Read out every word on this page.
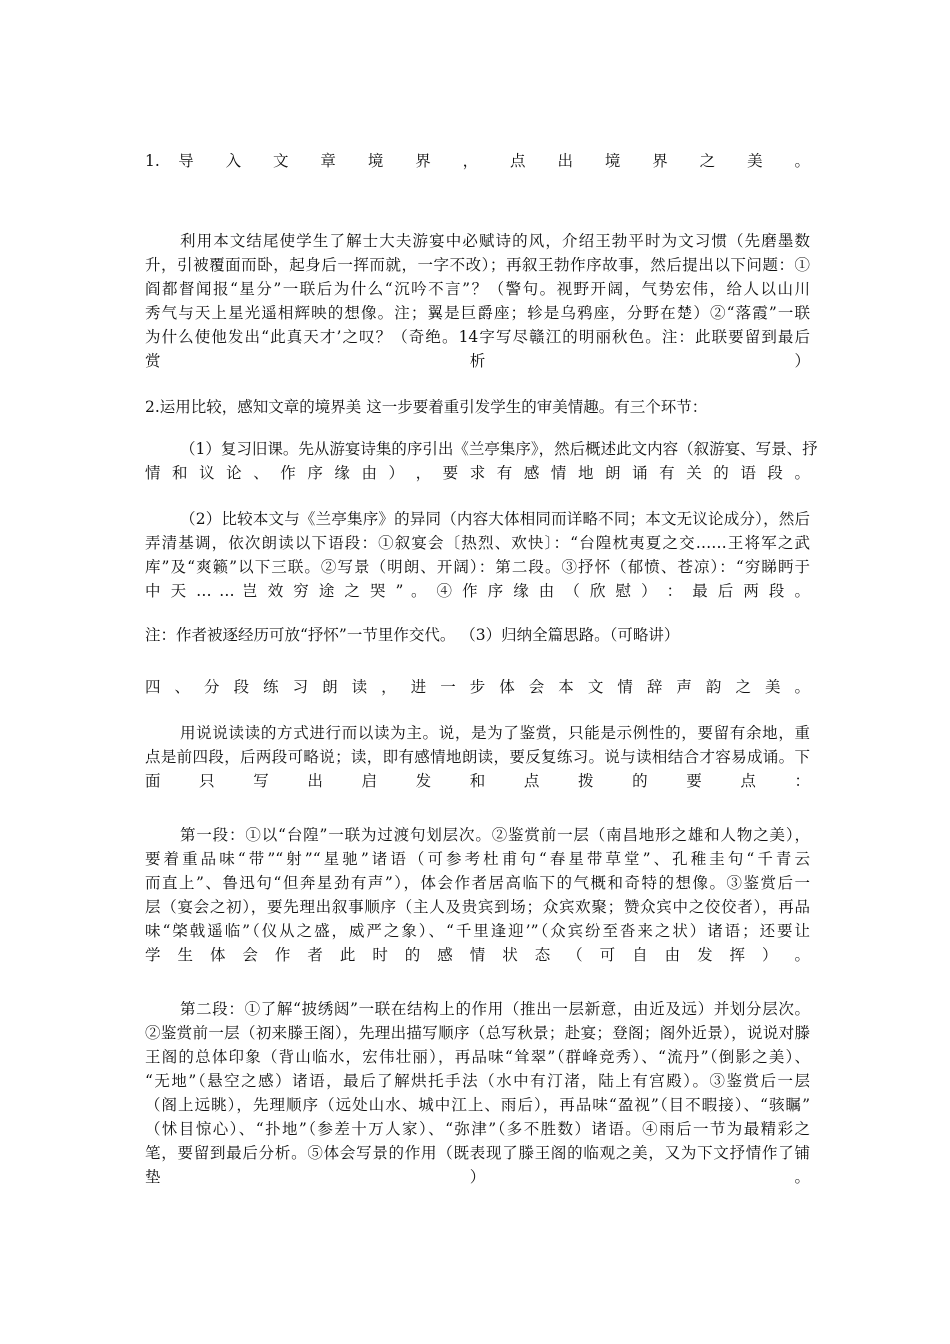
1. 导 入 文 章 境 界 ， 点 出 境 界 之 美 。
利用本文结尾使学生了解士大夫游宴中必赋诗的风，介绍王勃平时为文习惯（先磨墨数
升，引被覆面而卧，起身后一挥而就，一字不改）；再叙王勃作序故事，然后提出以下问题：①
阎都督闻报“星分”一联后为什么“沉吟不言”？（警句。视野开阔，气势宏伟，给人以山川
秀气与天上星光遥相辉映的想像。注；翼是巨爵座；轸是乌鸦座，分野在楚）②“落霞”一联
为什么使他发出“此真天才’之叹？（奇绝。14字写尽赣江的明丽秋色。注：此联要留到最后
赏 析 ）
2.运用比较，感知文章的境界美 这一步要着重引发学生的审美情趣。有三个环节：
（1）复习旧课。先从游宴诗集的序引出《兰亭集序》，然后概述此文内容（叙游宴、写景、抒
情 和 议 论 、 作 序 缘 由 ） ， 要 求 有 感 情 地 朗 诵 有 关 的 语 段 。
（2）比较本文与《兰亭集序》的异同（内容大体相同而详略不同；本文无议论成分），然后
弄清基调，依次朗读以下语段：①叙宴会〔热烈、欢快〕：“台隍枕夷夏之交……王将军之武
库”及“爽籁”以下三联。②写景（明朗、开阔）：第二段。③抒怀（郁愤、苍凉）：“穷睇眄于
中 天 … … 岂 效 穷 途 之 哭 ” 。 ④ 作 序 缘 由 （ 欣 慰 ） ： 最 后 两 段 。
注：作者被逐经历可放“抒怀”一节里作交代。 （3）归纳全篇思路。（可略讲）
四 、 分 段 练 习 朗 读 ， 进 一 步 体 会 本 文 情 辞 声 韵 之 美 。
用说说读读的方式进行而以读为主。说，是为了鉴赏，只能是示例性的，要留有余地，重
点是前四段，后两段可略说；读，即有感情地朗读，要反复练习。说与读相结合才容易成诵。下
面 只 写 出 启 发 和 点 拨 的 要 点 ：
第一段：①以“台隍”一联为过渡句划层次。②鉴赏前一层（南昌地形之雄和人物之美），
要着重品味“带”“射”“星驰”诸语（可参考杜甫句“春星带草堂”、孔稚圭句“千青云
而直上”、鲁迅句“但奔星劲有声”），体会作者居高临下的气概和奇特的想像。③鉴赏后一
层（宴会之初），要先理出叙事顺序（主人及贵宾到场；众宾欢聚；赞众宾中之佼佼者），再品
味“棨戟遥临”（仪从之盛，威严之象）、“千里逢迎’”（众宾纷至沓来之状）诸语；还要让
学 生 体 会 作 者 此 时 的 感 情 状 态 （ 可 自 由 发 挥 ） 。
第二段：①了解“披绣闼”一联在结构上的作用（推出一层新意，由近及远）并划分层次。
②鉴赏前一层（初来滕王阁），先理出描写顺序（总写秋景；赴宴；登阁；阁外近景），说说对滕
王阁的总体印象（背山临水，宏伟壮丽），再品味“耸翠”（群峰竞秀）、“流丹”（倒影之美）、
“无地”（悬空之感）诸语，最后了解烘托手法（水中有汀渚，陆上有宫殿）。③鉴赏后一层
（阁上远眺），先理顺序（远处山水、城中江上、雨后），再品味“盈视”（目不暇接）、“骇瞩”
（怵目惊心）、“扑地”（参差十万人家）、“弥津”（多不胜数）诸语。④雨后一节为最精彩之
笔，要留到最后分析。⑤体会写景的作用（既表现了滕王阁的临观之美，又为下文抒情作了铺
垫 ） 。
